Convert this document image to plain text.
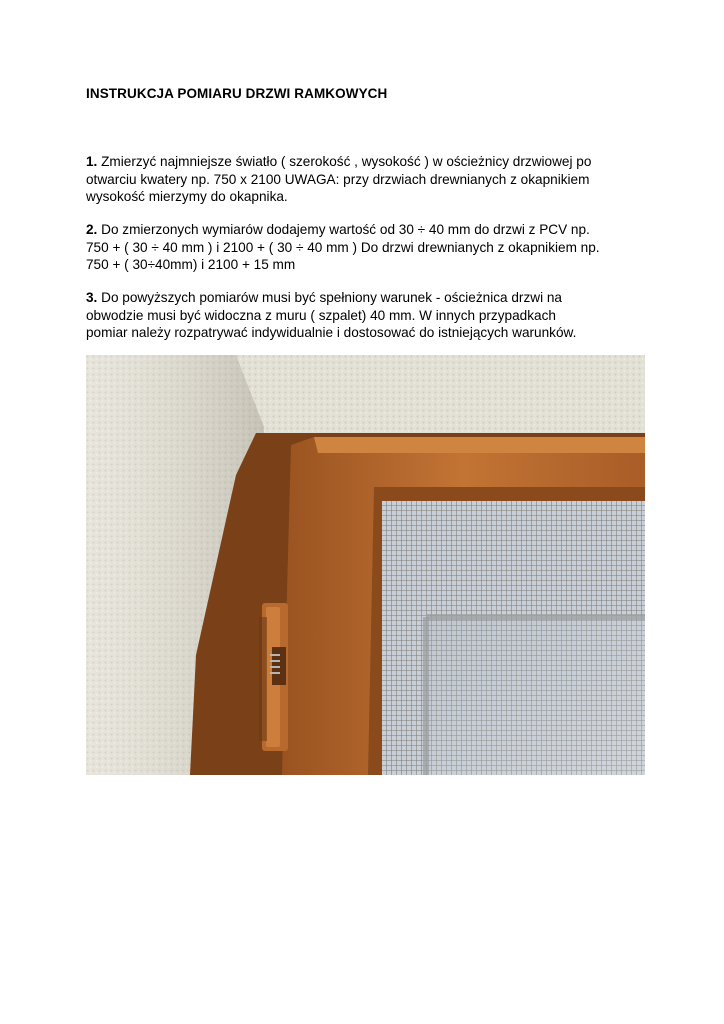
INSTRUKCJA POMIARU DRZWI RAMKOWYCH
1. Zmierzyć najmniejsze światło ( szerokość , wysokość ) w ościeżnicy drzwiowej po
otwarciu kwatery np. 750 x 2100 UWAGA: przy drzwiach drewnianych z okapnikiem
wysokość mierzymy do okapnika.
2. Do zmierzonych wymiarów dodajemy wartość od 30 ÷ 40 mm do drzwi z PCV np.
750 + ( 30 ÷ 40 mm ) i 2100 + ( 30 ÷ 40 mm ) Do drzwi drewnianych z okapnikiem np.
750 + ( 30÷40mm) i 2100 + 15 mm
3. Do powyższych pomiarów musi być spełniony warunek - ościeżnica drzwi na
obwodzie musi być widoczna z muru ( szpalet) 40 mm. W innych przypadkach
pomiar należy rozpatrywać indywidualnie i dostosować do istniejących warunków.
